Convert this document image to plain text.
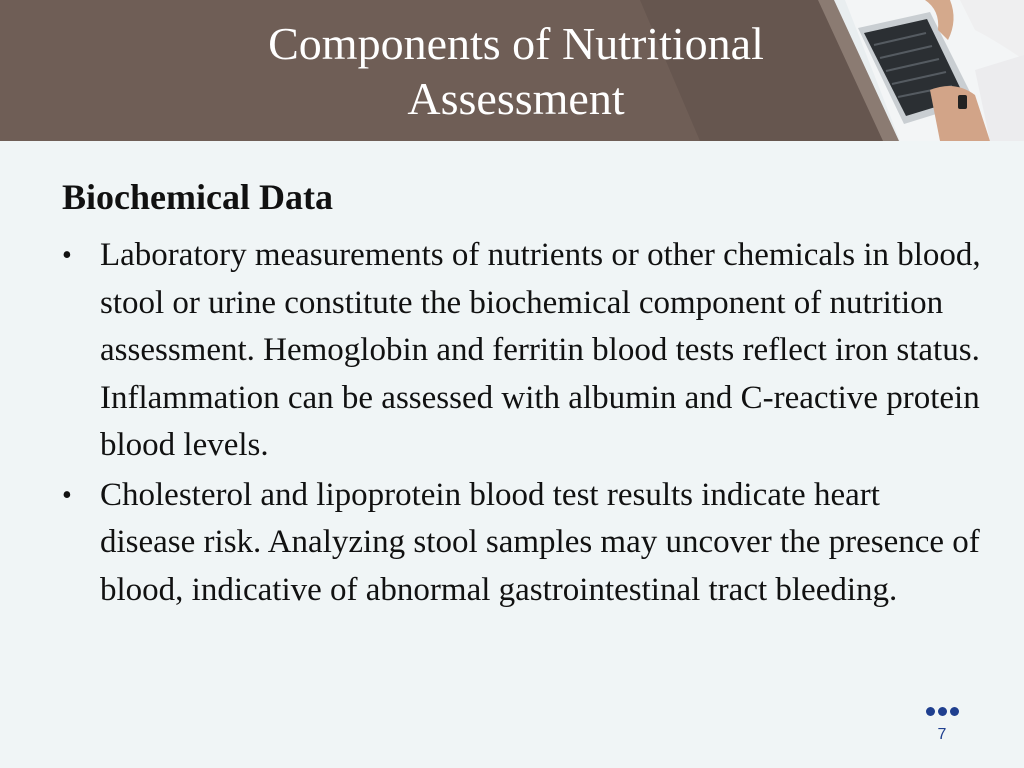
Components of Nutritional
Assessment
Biochemical Data
• Laboratory measurements of nutrients or other chemicals in blood, stool or urine constitute the biochemical component of nutrition assessment. Hemoglobin and ferritin blood tests reflect iron status. Inflammation can be assessed with albumin and C-reactive protein blood levels.
• Cholesterol and lipoprotein blood test results indicate heart disease risk. Analyzing stool samples may uncover the presence of blood, indicative of abnormal gastrointestinal tract bleeding.
7
